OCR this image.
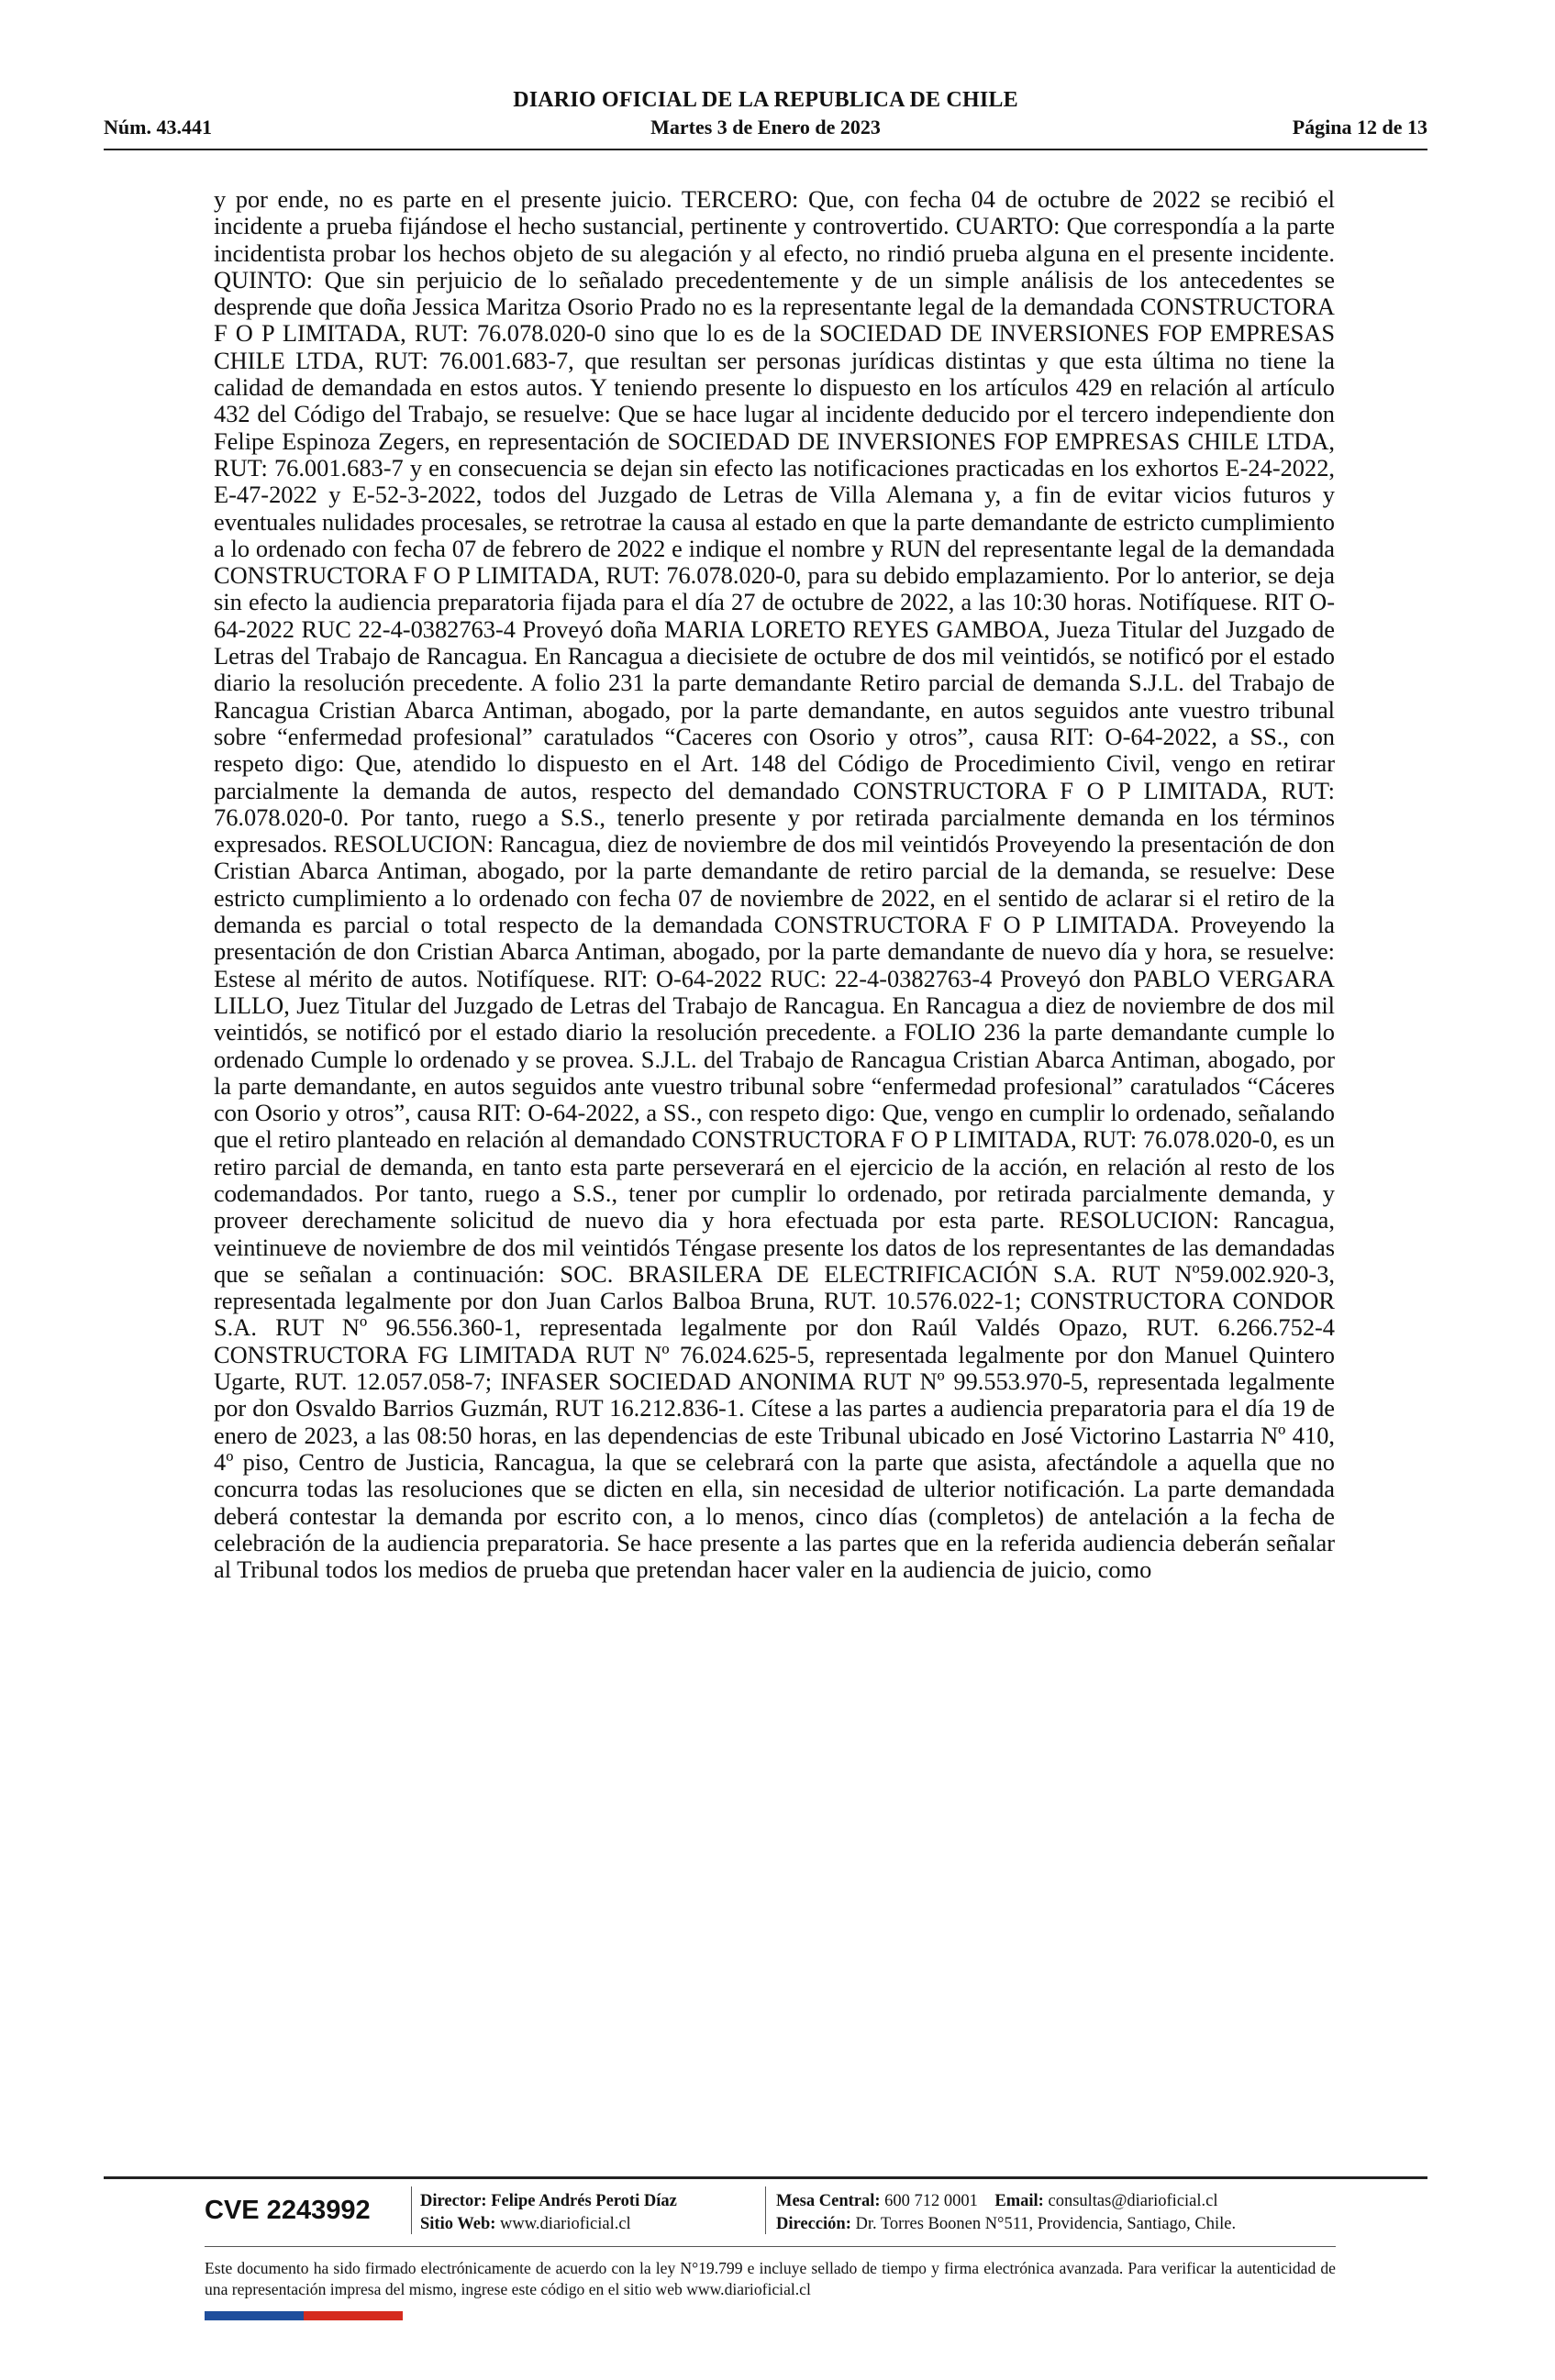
DIARIO OFICIAL DE LA REPUBLICA DE CHILE
Núm. 43.441	Martes 3 de Enero de 2023	Página 12 de 13

y por ende, no es parte en el presente juicio. TERCERO: Que, con fecha 04 de octubre de 2022 se recibió el incidente a prueba fijándose el hecho sustancial, pertinente y controvertido. CUARTO: Que correspondía a la parte incidentista probar los hechos objeto de su alegación y al efecto, no rindió prueba alguna en el presente incidente. QUINTO: Que sin perjuicio de lo señalado precedentemente y de un simple análisis de los antecedentes se desprende que doña Jessica Maritza Osorio Prado no es la representante legal de la demandada CONSTRUCTORA F O P LIMITADA, RUT: 76.078.020-0 sino que lo es de la SOCIEDAD DE INVERSIONES FOP EMPRESAS CHILE LTDA, RUT: 76.001.683-7, que resultan ser personas jurídicas distintas y que esta última no tiene la calidad de demandada en estos autos. Y teniendo presente lo dispuesto en los artículos 429 en relación al artículo 432 del Código del Trabajo, se resuelve: Que se hace lugar al incidente deducido por el tercero independiente don Felipe Espinoza Zegers, en representación de SOCIEDAD DE INVERSIONES FOP EMPRESAS CHILE LTDA, RUT: 76.001.683-7 y en consecuencia se dejan sin efecto las notificaciones practicadas en los exhortos E-24-2022, E-47-2022 y E-52-3-2022, todos del Juzgado de Letras de Villa Alemana y, a fin de evitar vicios futuros y eventuales nulidades procesales, se retrotrae la causa al estado en que la parte demandante de estricto cumplimiento a lo ordenado con fecha 07 de febrero de 2022 e indique el nombre y RUN del representante legal de la demandada CONSTRUCTORA F O P LIMITADA, RUT: 76.078.020-0, para su debido emplazamiento. Por lo anterior, se deja sin efecto la audiencia preparatoria fijada para el día 27 de octubre de 2022, a las 10:30 horas. Notifíquese. RIT O-64-2022 RUC 22-4-0382763-4 Proveyó doña MARIA LORETO REYES GAMBOA, Jueza Titular del Juzgado de Letras del Trabajo de Rancagua. En Rancagua a diecisiete de octubre de dos mil veintidós, se notificó por el estado diario la resolución precedente. A folio 231 la parte demandante Retiro parcial de demanda S.J.L. del Trabajo de Rancagua Cristian Abarca Antiman, abogado, por la parte demandante, en autos seguidos ante vuestro tribunal sobre “enfermedad profesional” caratulados “Caceres con Osorio y otros”, causa RIT: O-64-2022, a SS., con respeto digo: Que, atendido lo dispuesto en el Art. 148 del Código de Procedimiento Civil, vengo en retirar parcialmente la demanda de autos, respecto del demandado CONSTRUCTORA F O P LIMITADA, RUT: 76.078.020-0. Por tanto, ruego a S.S., tenerlo presente y por retirada parcialmente demanda en los términos expresados. RESOLUCION: Rancagua, diez de noviembre de dos mil veintidós Proveyendo la presentación de don Cristian Abarca Antiman, abogado, por la parte demandante de retiro parcial de la demanda, se resuelve: Dese estricto cumplimiento a lo ordenado con fecha 07 de noviembre de 2022, en el sentido de aclarar si el retiro de la demanda es parcial o total respecto de la demandada CONSTRUCTORA F O P LIMITADA. Proveyendo la presentación de don Cristian Abarca Antiman, abogado, por la parte demandante de nuevo día y hora, se resuelve: Estese al mérito de autos. Notifíquese. RIT: O-64-2022 RUC: 22-4-0382763-4 Proveyó don PABLO VERGARA LILLO, Juez Titular del Juzgado de Letras del Trabajo de Rancagua. En Rancagua a diez de noviembre de dos mil veintidós, se notificó por el estado diario la resolución precedente. a FOLIO 236 la parte demandante cumple lo ordenado Cumple lo ordenado y se provea. S.J.L. del Trabajo de Rancagua Cristian Abarca Antiman, abogado, por la parte demandante, en autos seguidos ante vuestro tribunal sobre “enfermedad profesional” caratulados “Cáceres con Osorio y otros”, causa RIT: O-64-2022, a SS., con respeto digo: Que, vengo en cumplir lo ordenado, señalando que el retiro planteado en relación al demandado CONSTRUCTORA F O P LIMITADA, RUT: 76.078.020-0, es un retiro parcial de demanda, en tanto esta parte perseverará en el ejercicio de la acción, en relación al resto de los codemandados. Por tanto, ruego a S.S., tener por cumplir lo ordenado, por retirada parcialmente demanda, y proveer derechamente solicitud de nuevo dia y hora efectuada por esta parte. RESOLUCION: Rancagua, veintinueve de noviembre de dos mil veintidós Téngase presente los datos de los representantes de las demandadas que se señalan a continuación: SOC. BRASILERA DE ELECTRIFICACIÓN S.A. RUT Nº59.002.920-3, representada legalmente por don Juan Carlos Balboa Bruna, RUT. 10.576.022-1; CONSTRUCTORA CONDOR S.A. RUT Nº 96.556.360-1, representada legalmente por don Raúl Valdés Opazo, RUT. 6.266.752-4 CONSTRUCTORA FG LIMITADA RUT Nº 76.024.625-5, representada legalmente por don Manuel Quintero Ugarte, RUT. 12.057.058-7; INFASER SOCIEDAD ANONIMA RUT Nº 99.553.970-5, representada legalmente por don Osvaldo Barrios Guzmán, RUT 16.212.836-1. Cítese a las partes a audiencia preparatoria para el día 19 de enero de 2023, a las 08:50 horas, en las dependencias de este Tribunal ubicado en José Victorino Lastarria Nº 410, 4º piso, Centro de Justicia, Rancagua, la que se celebrará con la parte que asista, afectándole a aquella que no concurra todas las resoluciones que se dicten en ella, sin necesidad de ulterior notificación. La parte demandada deberá contestar la demanda por escrito con, a lo menos, cinco días (completos) de antelación a la fecha de celebración de la audiencia preparatoria. Se hace presente a las partes que en la referida audiencia deberán señalar al Tribunal todos los medios de prueba que pretendan hacer valer en la audiencia de juicio, como

CVE 2243992	Director: Felipe Andrés Peroti Díaz
Sitio Web: www.diarioficial.cl
Mesa Central: 600 712 0001 Email: consultas@diarioficial.cl
Dirección: Dr. Torres Boonen N°511, Providencia, Santiago, Chile.

Este documento ha sido firmado electrónicamente de acuerdo con la ley N°19.799 e incluye sellado de tiempo y firma electrónica avanzada. Para verificar la autenticidad de una representación impresa del mismo, ingrese este código en el sitio web www.diarioficial.cl
